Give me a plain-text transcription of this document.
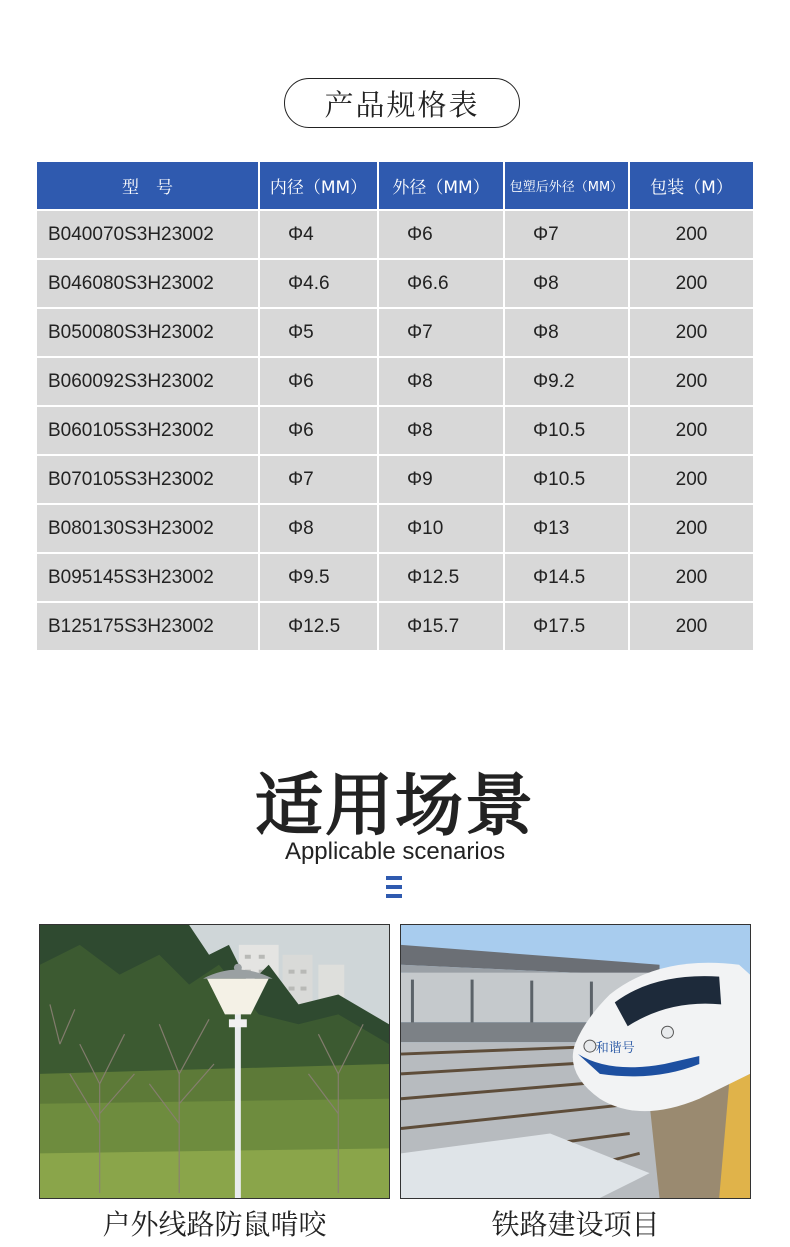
产品规格表
型　号	内径（MM）	外径（MM）	包塑后外径（MM）	包装（M）
B040070S3H23002	Φ4	Φ6	Φ7	200
B046080S3H23002	Φ4.6	Φ6.6	Φ8	200
B050080S3H23002	Φ5	Φ7	Φ8	200
B060092S3H23002	Φ6	Φ8	Φ9.2	200
B060105S3H23002	Φ6	Φ8	Φ10.5	200
B070105S3H23002	Φ7	Φ9	Φ10.5	200
B080130S3H23002	Φ8	Φ10	Φ13	200
B095145S3H23002	Φ9.5	Φ12.5	Φ14.5	200
B125175S3H23002	Φ12.5	Φ15.7	Φ17.5	200
适用场景
Applicable scenarios
和谐号
户外线路防鼠啃咬	铁路建设项目
